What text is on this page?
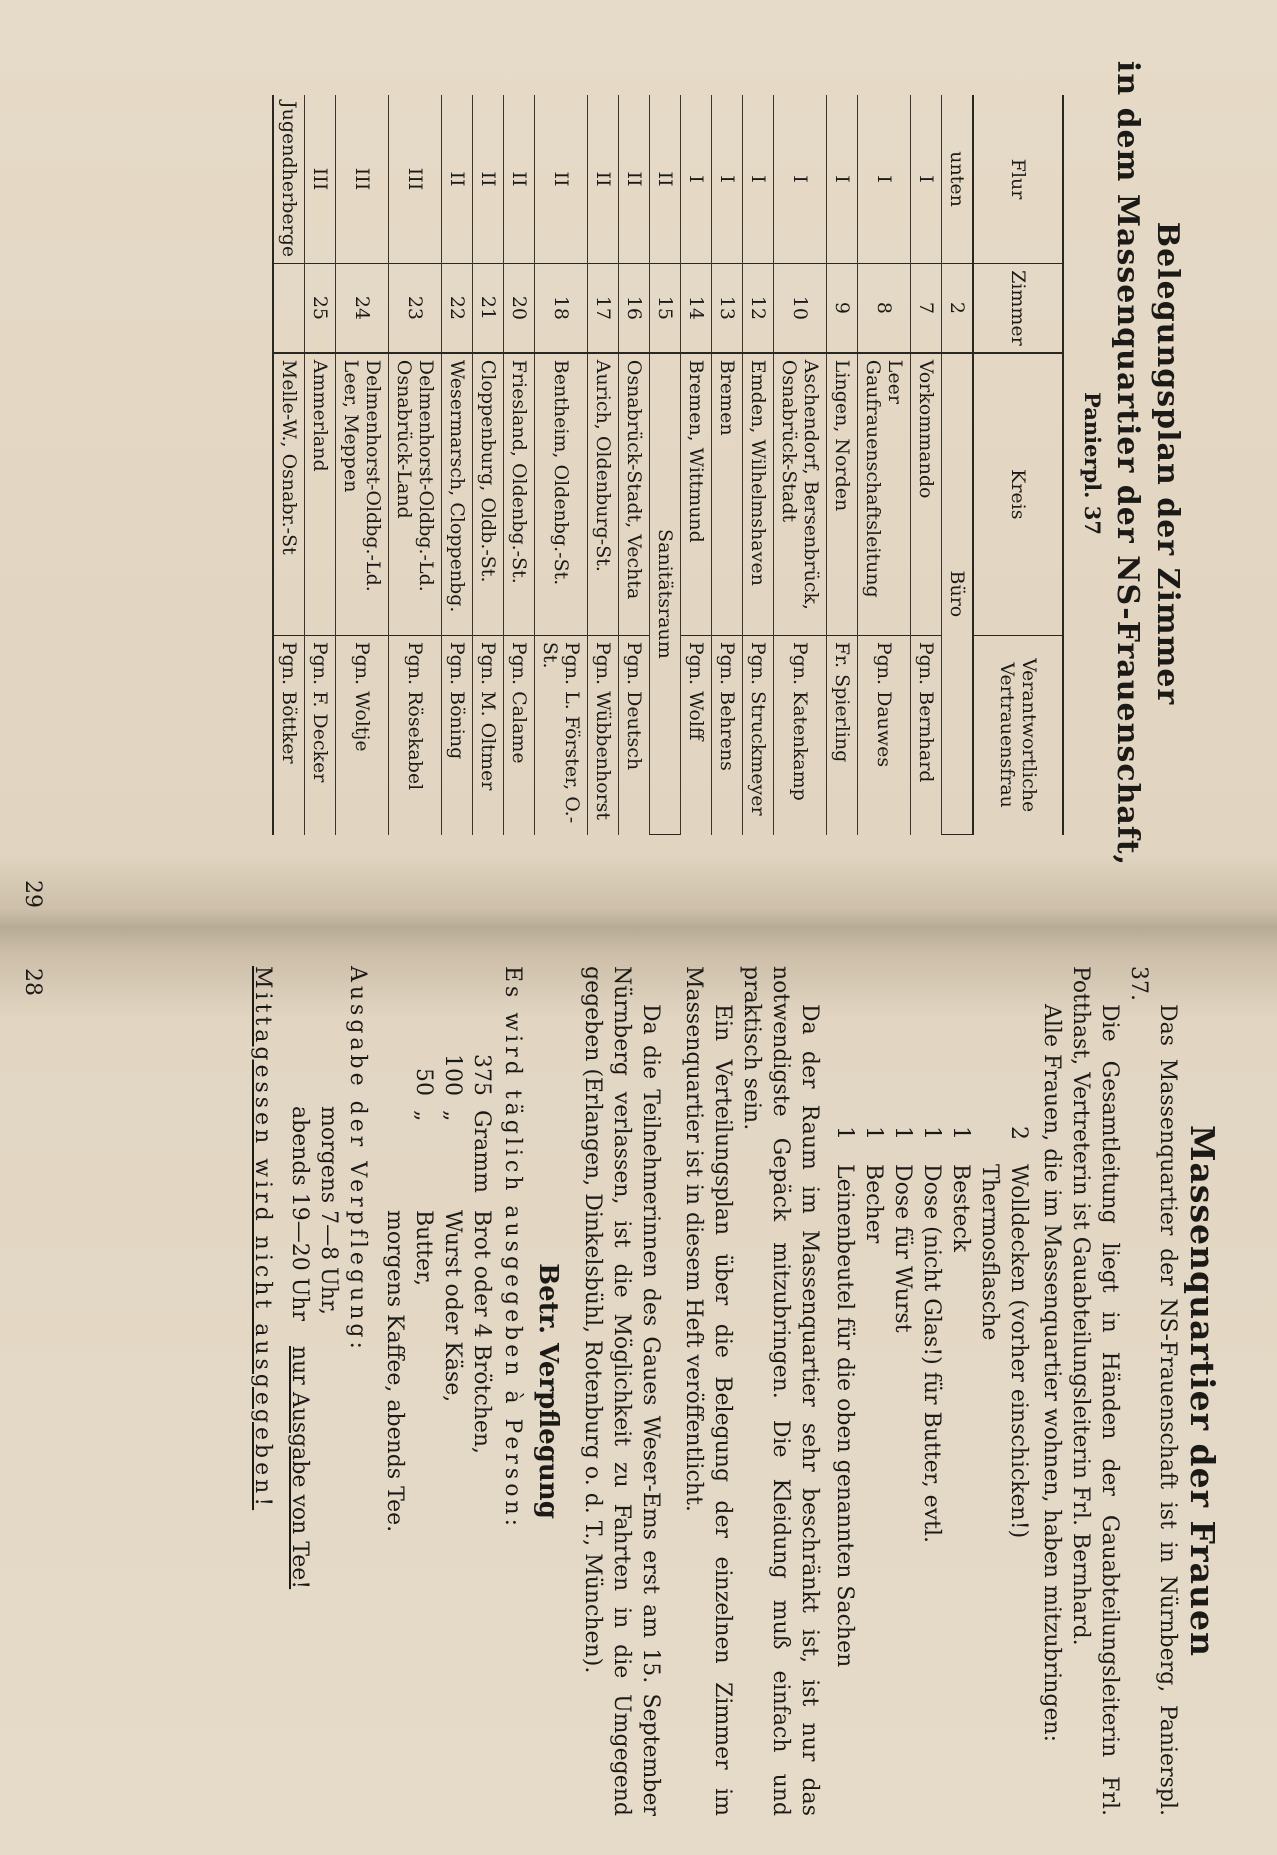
Belegungsplan der Zimmer
in dem Massenquartier der NS-Frauenschaft,
Panierpl. 37
Flur	Zimmer	Kreis	Verantwortliche Vertrauensfrau
unten	2	Büro	
I	7	Vorkommando	Pgn. Bernhard
I	8	Leer Gaufrauenschaftsleitung	Pgn. Dauwes
I	9	Lingen, Norden	Fr. Spierling
I	10	Aschendorf, Bersenbrück, Osnabrück-Stadt	Pgn. Katenkamp
I	12	Emden, Wilhelmshaven	Pgn. Struckmeyer
I	13	Bremen	Pgn. Behrens
I	14	Bremen, Wittmund	Pgn. Wolff
II	15	Sanitätsraum	
II	16	Osnabrück-Stadt, Vechta	Pgn. Deutsch
II	17	Aurich, Oldenburg-St.	Pgn. Wübbenhorst
II	18	Bentheim, Oldenbg.-St.	Pgn. L. Förster, O.-St.
II	20	Friesland, Oldenbg.-St.	Pgn. Calame
II	21	Cloppenburg, Oldb.-St.	Pgn. M. Oltmer
II	22	Wesermarsch, Cloppenbg.	Pgn. Böning
III	23	Delmenhorst-Oldbg.-Ld. Osnabrück-Land	Pgn. Rösekabel
III	24	Delmenhorst-Oldbg.-Ld. Leer, Meppen	Pgn. Woltje
III	25	Ammerland	Pgn. F. Decker
Jugendherberge		Melle-W., Osnabr.-St	Pgn. Böttker
29
Massenquartier der Frauen

Das Massenquartier der NS-Frauenschaft ist in Nürnberg, Panierspl. 37.

Die Gesamtleitung liegt in Händen der Gauabteilungsleiterin Frl. Potthast, Vertreterin ist Gauabteilungsleiterin Frl. Bernhard.

Alle Frauen, die im Massenquartier wohnen, haben mitzubringen:

2
Wolldecken (vorher einschicken!)
Thermosflasche
1
Besteck
1
Dose (nicht Glas!) für Butter, evtl.
1
Dose für Wurst
1
Becher
1
Leinenbeutel für die oben genannten Sachen

Da der Raum im Massenquartier sehr beschränkt ist, ist nur das notwendigste Gepäck mitzubringen. Die Kleidung muß einfach und praktisch sein.

Ein Verteilungsplan über die Belegung der einzelnen Zimmer im Massenquartier ist in diesem Heft veröffentlicht.

Da die Teilnehmerinnen des Gaues Weser-Ems erst am 15. September Nürnberg verlassen, ist die Möglichkeit zu Fahrten in die Umgegend gegeben (Erlangen, Dinkelsbühl, Rotenburg o. d. T., München).

Betr. Verpflegung

Es wird täglich ausgegeben à Person:

375
Gramm
Brot oder 4 Brötchen,
100
„
Wurst oder Käse,
50
„
Butter,
morgens Kaffee, abends Tee.

Ausgabe der Verpflegung:

morgens 7—8 Uhr,
abends 19—20 Uhr nur Ausgabe von Tee!

Mittagessen wird nicht ausgegeben!

28
